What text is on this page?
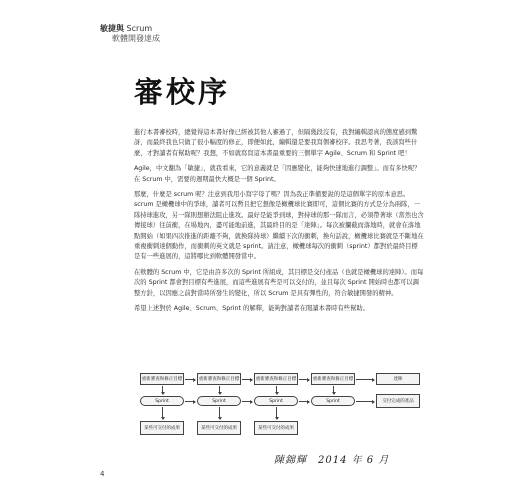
敏捷與 Scrum
軟體開發達成
審校序

進行本書審校時，總覺得這本書好像已經被其他人審過了，但隔幾段沒有，我對編輯認真的態度感到驚訝，而最終我也只做了很小幅度的修正，即便如此，編輯還是要我寫個審校序。我思考著，我該寫些什麼，才對讀者有幫助呢？我想，不如就寫寫這本書最重要的三個單字 Agile、Scrum 和 Sprint 吧！

Agile，中文翻為「敏捷」，就我看來，它的意義就是「因應變化，能夠快速地進行調整」。而有多快呢？在 Scrum 中，需要的週期最快大概是一個 Sprint。

那麼，什麼是 scrum 呢？注意到我用小寫字母了嗎？因為我正準備要說的是這個單字的原本意思。scrum 是橄欖球中的爭球，讀者可以暫且把它想像是橄欖球比賽即可，這個比賽的方式是分為兩隊，一隊持球進攻，另一隊則想辦法阻止進攻。最好是能爭到球，對持球的那一隊而言，必須帶著球（當然也含傳接球）往前衝，在場地內，盡可能地前進，其最終目的是「達陣」。每次被攔截而落地時，就會在落地點開始（如果四次推進的距離不夠，就換隊持球）繼續下次的衝刺，換句話說，橄欖球比賽就是不斷地在重複衝刺達個動作，而衝刺的英文就是 sprint。請注意，橄欖球每次的衝刺（sprint）都對於最終目標是有一些進展的，這將哪比到軟體開發當中。

在軟體的 Scrum 中，它是由許多次的 Sprint 所組成，其目標是交付產品（也就是橄欖球的達陣）。而每次的 Sprint 都會對目標有些進展，而這些進展有些是可以交付的，並且每次 Sprint 開始時也都可以調整方針，以因應之前對當時所發生的變化，所以 Scrum 是具有彈性的，符合敏捷開發的精神。

希望上述對於 Agile、Scrum、Sprint 的解釋，能夠對讀者在閱讀本書時有些幫助。

重新審查和修正目標	重新審查和修正目標	重新審查和修正目標	重新審查和修正目標	達陣
Sprint	Sprint	Sprint	Sprint	交付完成的產品
某些可交付的成果	某些可交付的成果	某些可交付的成果
陳錦輝　2014 年 6 月
4
